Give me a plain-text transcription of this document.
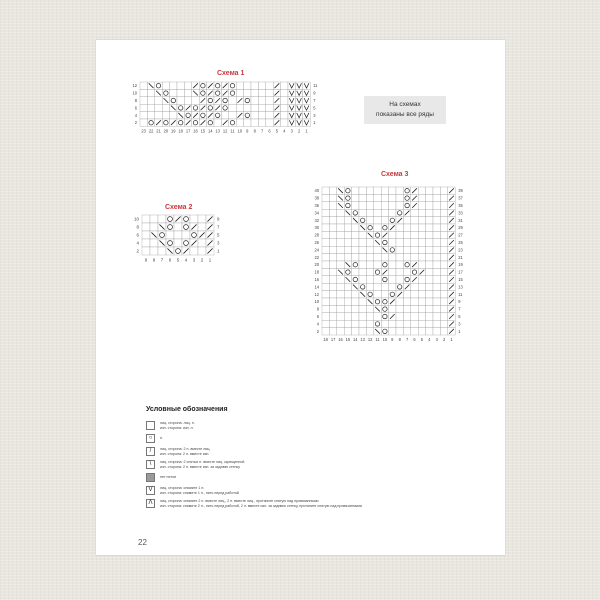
Схема 1
12
10
8
6
4
2
11
9
7
5
3
1
23 22 21 20 19 18 17 16 15 14 13 12 11 10 9 8 7 6 5 4 3 2 1
На схемах
показаны все ряды
Схема 2
10
8
6
4
2
9
7
5
3
1
9 8 7 6 5 4 3 2 1
Схема 3
40
38
36
34
32
30
28
26
24
22
20
18
16
14
12
10
8
6
4
2
39
37
35
33
31
29
27
25
23
21
19
17
15
13
11
9
7
5
3
1
18 17 16 15 14 13 12 11 10 9 8 7 6 5 4 3 2 1
Условные обозначения
лиц. сторона: лиц. п.
изн. сторона: изн. п.
○	н.
/	лиц. сторона: 2 п. вместе лиц.
изн. сторона: 2 п. вместе изн.
\	лиц. сторона: 2 снятых п. вместе лиц. скрещенной
изн. сторона: 2 п. вместе изн. за заднюю стенку
нет петли
V	лиц. сторона: снимите 1 п.
изн. сторона: снимите 1 п., нить перед работой
Λ	лиц. сторона: снимите 2 п. вместе лиц., 2 п. вместе лиц., протяните снятую над провязанными
изн. сторона: снимите 2 п., нить перед работой, 2 п. вместе изн. за заднюю стенку, протяните снятую над провязанными
22
